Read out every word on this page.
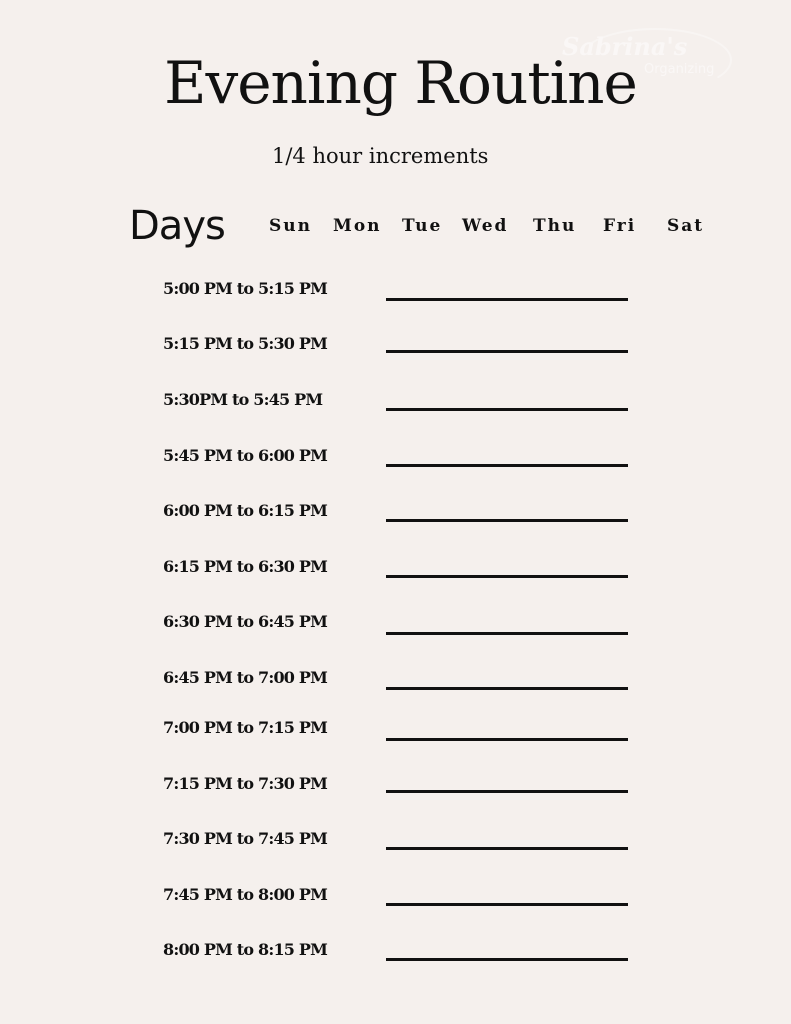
Evening Routine
Sabrina's
Organizing
1/4 hour increments
Days	Sun Mon Tue Wed Thu Fri Sat
5:00 PM to 5:15 PM
5:15 PM to 5:30 PM
5:30PM to 5:45 PM
5:45 PM to 6:00 PM
6:00 PM to 6:15 PM
6:15 PM to 6:30 PM
6:30 PM to 6:45 PM
6:45 PM to 7:00 PM
7:00 PM to 7:15 PM
7:15 PM to 7:30 PM
7:30 PM to 7:45 PM
7:45 PM to 8:00 PM
8:00 PM to 8:15 PM
